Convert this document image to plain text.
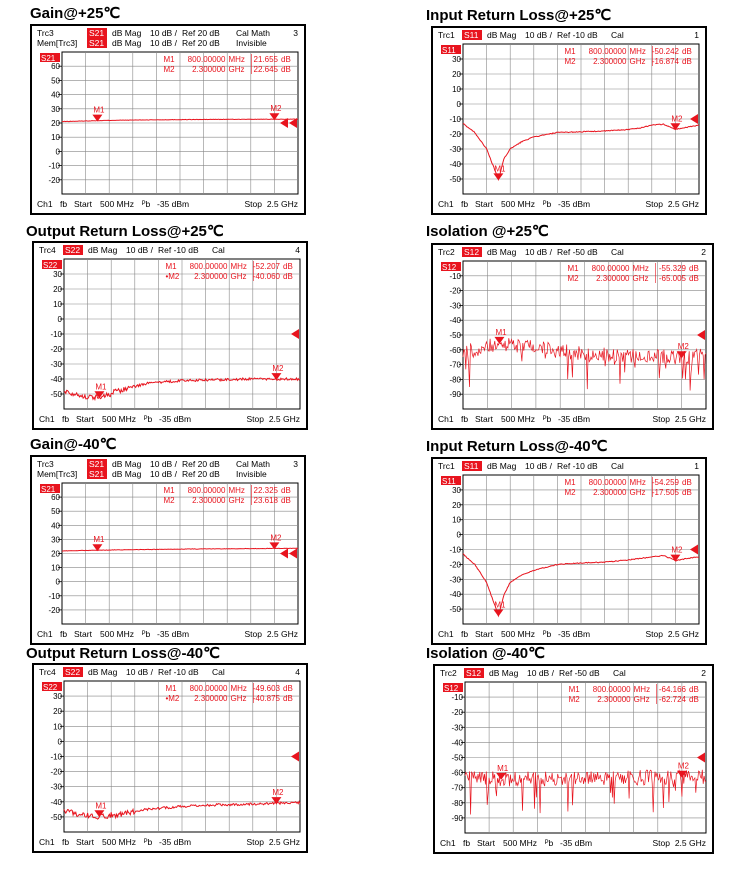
Gain@+25℃	Input Return Loss@+25℃
Output Return Loss@+25℃	Isolation @+25℃
Gain@-40℃	Input Return Loss@-40℃
Output Return Loss@-40℃	Isolation @-40℃
Trc3	S21 dB Mag 10 dB / Ref 20 dB Cal Math	3
Mem[Trc3] S21 dB Mag 10 dB / Ref 20 dB Invisible
60
50
40
30
20
10
0
-10
-20
S21	M1 800.00000 MHz 21.655 dB
M2 2.300000 GHz 22.645 dB
M1	M2
Ch1 fb Start 500 MHz ᴾb -35 dBm	Stop 2.5 GHz
Trc1 S11 dB Mag 10 dB / Ref -10 dB Cal	1
30
20
10
0
-10
-20
-30
-40
-50
S11	M1 800.00000 MHz -50.242 dB
M2 2.300000 GHz -16.874 dB
M1
M2
Ch1 fb Start 500 MHz ᴾb -35 dBm	Stop 2.5 GHz
Trc4 S22 dB Mag 10 dB / Ref -10 dB Cal	4
30
20
10
0
-10
-20
-30
-40
-50
S22	M1 800.00000 MHz -52.207 dB
•M2 2.300000 GHz -40.060 dB
M1
M2
Ch1 fb Start 500 MHz ᴾb -35 dBm	Stop 2.5 GHz
Trc2 S12 dB Mag 10 dB / Ref -50 dB Cal	2
-10
-20
-30
-40
-50
-60
-70
-80
-90
S12	M1 800.00000 MHz -55.329 dB
M2 2.300000 GHz -65.005 dB
M1
M2
Ch1 fb Start 500 MHz ᴾb -35 dBm	Stop 2.5 GHz
Trc3	S21 dB Mag 10 dB / Ref 20 dB Cal Math	3
Mem[Trc3] S21 dB Mag 10 dB / Ref 20 dB Invisible
60
50
40
30
20
10
0
-10
-20
S21	M1 800.00000 MHz 22.325 dB
M2 2.300000 GHz 23.618 dB
M1	M2
Ch1 fb Start 500 MHz ᴾb -35 dBm	Stop 2.5 GHz
Trc1 S11 dB Mag 10 dB / Ref -10 dB Cal	1
30
20
10
0
-10
-20
-30
-40
-50
S11	M1 800.00000 MHz -54.259 dB
M2 2.300000 GHz -17.505 dB
M1
M2
Ch1 fb Start 500 MHz ᴾb -35 dBm	Stop 2.5 GHz
Trc4 S22 dB Mag 10 dB / Ref -10 dB Cal	4
30
20
10
0
-10
-20
-30
-40
-50
S22	M1 800.00000 MHz -49.603 dB
•M2 2.300000 GHz -40.875 dB
M1
M2
Ch1 fb Start 500 MHz ᴾb -35 dBm	Stop 2.5 GHz
Trc2 S12 dB Mag 10 dB / Ref -50 dB Cal	2
-10
-20
-30
-40
-50
-60
-70
-80
-90
S12	M1 800.00000 MHz -64.166 dB
M2 2.300000 GHz -62.724 dB
M1	M2
Ch1 fb Start 500 MHz ᴾb -35 dBm	Stop 2.5 GHz
